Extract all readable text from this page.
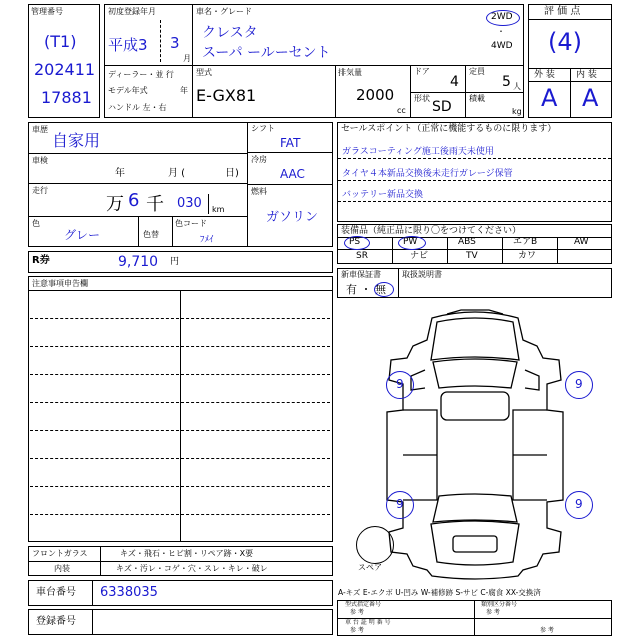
管理番号
(T1)
202411
17881
初度登録年月
平成3 3
月
車名・グレード
クレスタ
スーパ ールーセント
2WD
・
4WD
ディーラー・並 行
モデル年式	年
ハンドル 左・右
型式
E-GX81
排気量
2000
cc
ドア
4
定員
5 人
形状
SD
積載
kg
評 価 点
(4)
外 装 内 装
A A
車歴
自家用
車検
年	月 (	日)
走行
万 6 千 030 km
色
グレー	色替
色コード
ﾌﾒｲ
シフト
FAT
冷房
AAC
燃料
ガソリン
セールスポイント（正常に機能するものに限ります）
ガラスコーティング施工後雨天未使用
タイヤ４本新品交換後未走行ガレージ保管
バッテリー新品交換
装備品（純正品に限り〇をつけてください）
PS	PW	ABS	エアB	AW
SR	ナビ	TV	カワ
新車保証書	取扱説明書
有 ・ 無
R券	9,710 円
注意事項申告欄
9	9
9	9
スペア
フロントガラス	キズ・飛石・ヒビ割・リペア跡・X要
内装	キズ・汚レ・コゲ・穴・スレ・キレ・破レ
車台番号 6338035
登録番号
A-キズ E-エクボ U-凹み W-補修跡 S-サビ C-腐食 XX-交換済
型式指定番号
参 考
類別区分番号
参 考
車 台 証 明 番 号
参 考	参 考
